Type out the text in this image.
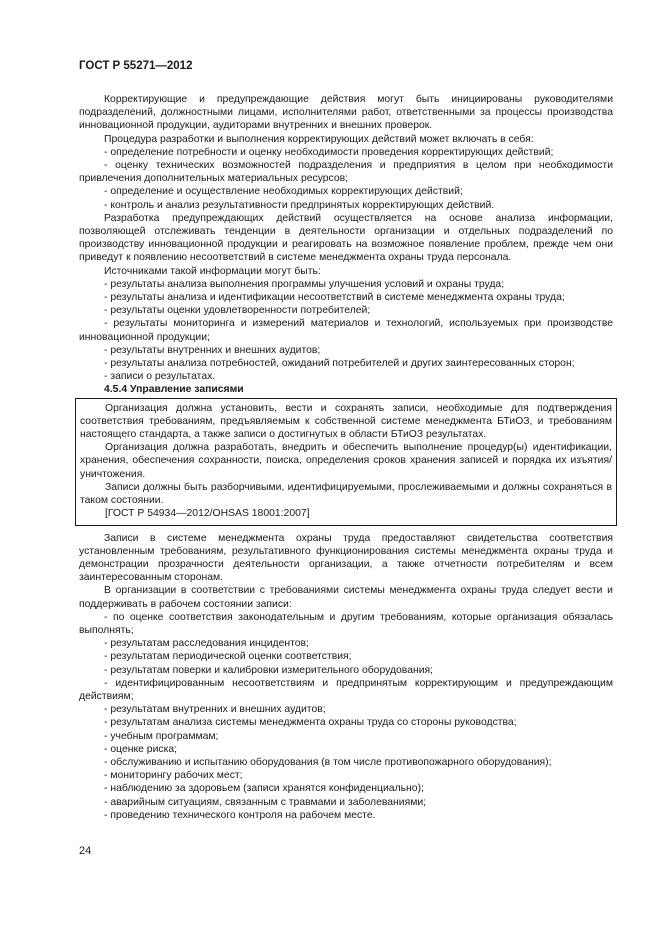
ГОСТ Р 55271—2012

Корректирующие и предупреждающие действия могут быть инициированы руководителями подразделений, должностными лицами, исполнителями работ, ответственными за процессы производства инновационной продукции, аудиторами внутренних и внешних проверок.

Процедура разработки и выполнения корректирующих действий может включать в себя:

- определение потребности и оценку необходимости проведения корректирующих действий;

- оценку технических возможностей подразделения и предприятия в целом при необходимости привлечения дополнительных материальных ресурсов;

- определение и осуществление необходимых корректирующих действий;

- контроль и анализ результативности предпринятых корректирующих действий.

Разработка предупреждающих действий осуществляется на основе анализа информации, позволяющей отслеживать тенденции в деятельности организации и отдельных подразделений по производству инновационной продукции и реагировать на возможное появление проблем, прежде чем они приведут к появлению несоответствий в системе менеджмента охраны труда персонала.

Источниками такой информации могут быть:

- результаты анализа выполнения программы улучшения условий и охраны труда;

- результаты анализа и идентификации несоответствий в системе менеджмента охраны труда;

- результаты оценки удовлетворенности потребителей;

- результаты мониторинга и измерений материалов и технологий, используемых при производстве инновационной продукции;

- результаты внутренних и внешних аудитов;

- результаты анализа потребностей, ожиданий потребителей и других заинтересованных сторон;

- записи о результатах.

4.5.4 Управление записями

Организация должна установить, вести и сохранять записи, необходимые для подтверждения соответствия требованиям, предъявляемым к собственной системе менеджмента БТиОЗ, и требованиям настоящего стандарта, а также записи о достигнутых в области БТиОЗ результатах.

Организация должна разработать, внедрить и обеспечить выполнение процедур(ы) идентификации, хранения, обеспечения сохранности, поиска, определения сроков хранения записей и порядка их изъятия/уничтожения.

Записи должны быть разборчивыми, идентифицируемыми, прослеживаемыми и должны сохраняться в таком состоянии.

[ГОСТ Р 54934—2012/OHSAS 18001:2007]

Записи в системе менеджмента охраны труда предоставляют свидетельства соответствия установленным требованиям, результативного функционирования системы менеджмента охраны труда и демонстрации прозрачности деятельности организации, а также отчетности потребителям и всем заинтересованным сторонам.

В организации в соответствии с требованиями системы менеджмента охраны труда следует вести и поддерживать в рабочем состоянии записи:

- по оценке соответствия законодательным и другим требованиям, которые организация обязалась выполнять;

- результатам расследования инцидентов;

- результатам периодической оценки соответствия;

- результатам поверки и калибровки измерительного оборудования;

- идентифицированным несоответствиям и предпринятым корректирующим и предупреждающим действиям;

- результатам внутренних и внешних аудитов;

- результатам анализа системы менеджмента охраны труда со стороны руководства;

- учебным программам;

- оценке риска;

- обслуживанию и испытанию оборудования (в том числе противопожарного оборудования);

- мониторингу рабочих мест;

- наблюдению за здоровьем (записи хранятся конфиденциально);

- аварийным ситуациям, связанным с травмами и заболеваниями;

- проведению технического контроля на рабочем месте.

24
